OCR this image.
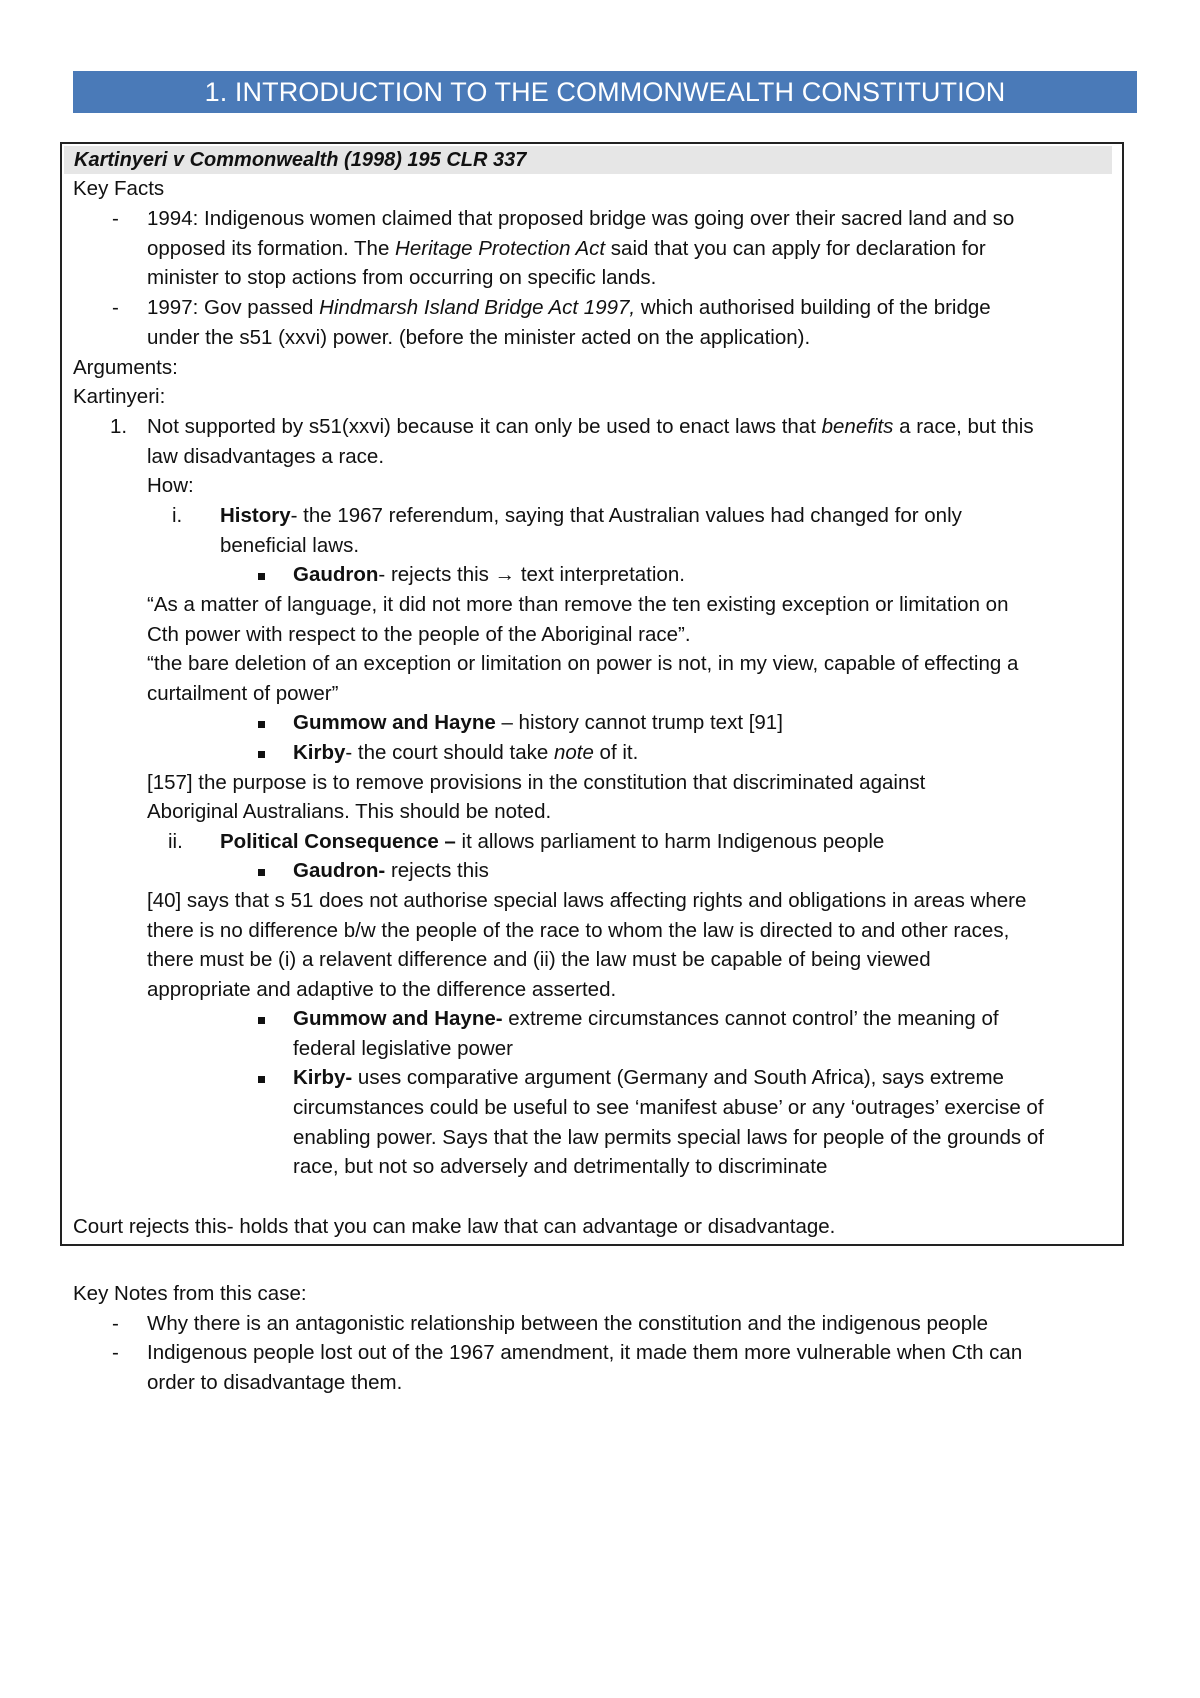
1. INTRODUCTION TO THE COMMONWEALTH CONSTITUTION
Kartinyeri v Commonwealth (1998) 195 CLR 337
Key Facts
- 1994: Indigenous women claimed that proposed bridge was going over their sacred land and so
opposed its formation. The Heritage Protection Act said that you can apply for declaration for
minister to stop actions from occurring on specific lands.
- 1997: Gov passed Hindmarsh Island Bridge Act 1997, which authorised building of the bridge
under the s51 (xxvi) power. (before the minister acted on the application).
Arguments:
Kartinyeri:
1. Not supported by s51(xxvi) because it can only be used to enact laws that benefits a race, but this
law disadvantages a race.
How:
i. History- the 1967 referendum, saying that Australian values had changed for only
beneficial laws.
Gaudron- rejects this → text interpretation.
“As a matter of language, it did not more than remove the ten existing exception or limitation on
Cth power with respect to the people of the Aboriginal race”.
“the bare deletion of an exception or limitation on power is not, in my view, capable of effecting a
curtailment of power”
Gummow and Hayne – history cannot trump text [91]
Kirby- the court should take note of it.
[157] the purpose is to remove provisions in the constitution that discriminated against
Aboriginal Australians. This should be noted.
ii. Political Consequence – it allows parliament to harm Indigenous people
Gaudron- rejects this
[40] says that s 51 does not authorise special laws affecting rights and obligations in areas where
there is no difference b/w the people of the race to whom the law is directed to and other races,
there must be (i) a relavent difference and (ii) the law must be capable of being viewed
appropriate and adaptive to the difference asserted.
Gummow and Hayne- extreme circumstances cannot control’ the meaning of
federal legislative power
Kirby- uses comparative argument (Germany and South Africa), says extreme
circumstances could be useful to see ‘manifest abuse’ or any ‘outrages’ exercise of
enabling power. Says that the law permits special laws for people of the grounds of
race, but not so adversely and detrimentally to discriminate
Court rejects this- holds that you can make law that can advantage or disadvantage.
Key Notes from this case:
- Why there is an antagonistic relationship between the constitution and the indigenous people
- Indigenous people lost out of the 1967 amendment, it made them more vulnerable when Cth can
order to disadvantage them.
